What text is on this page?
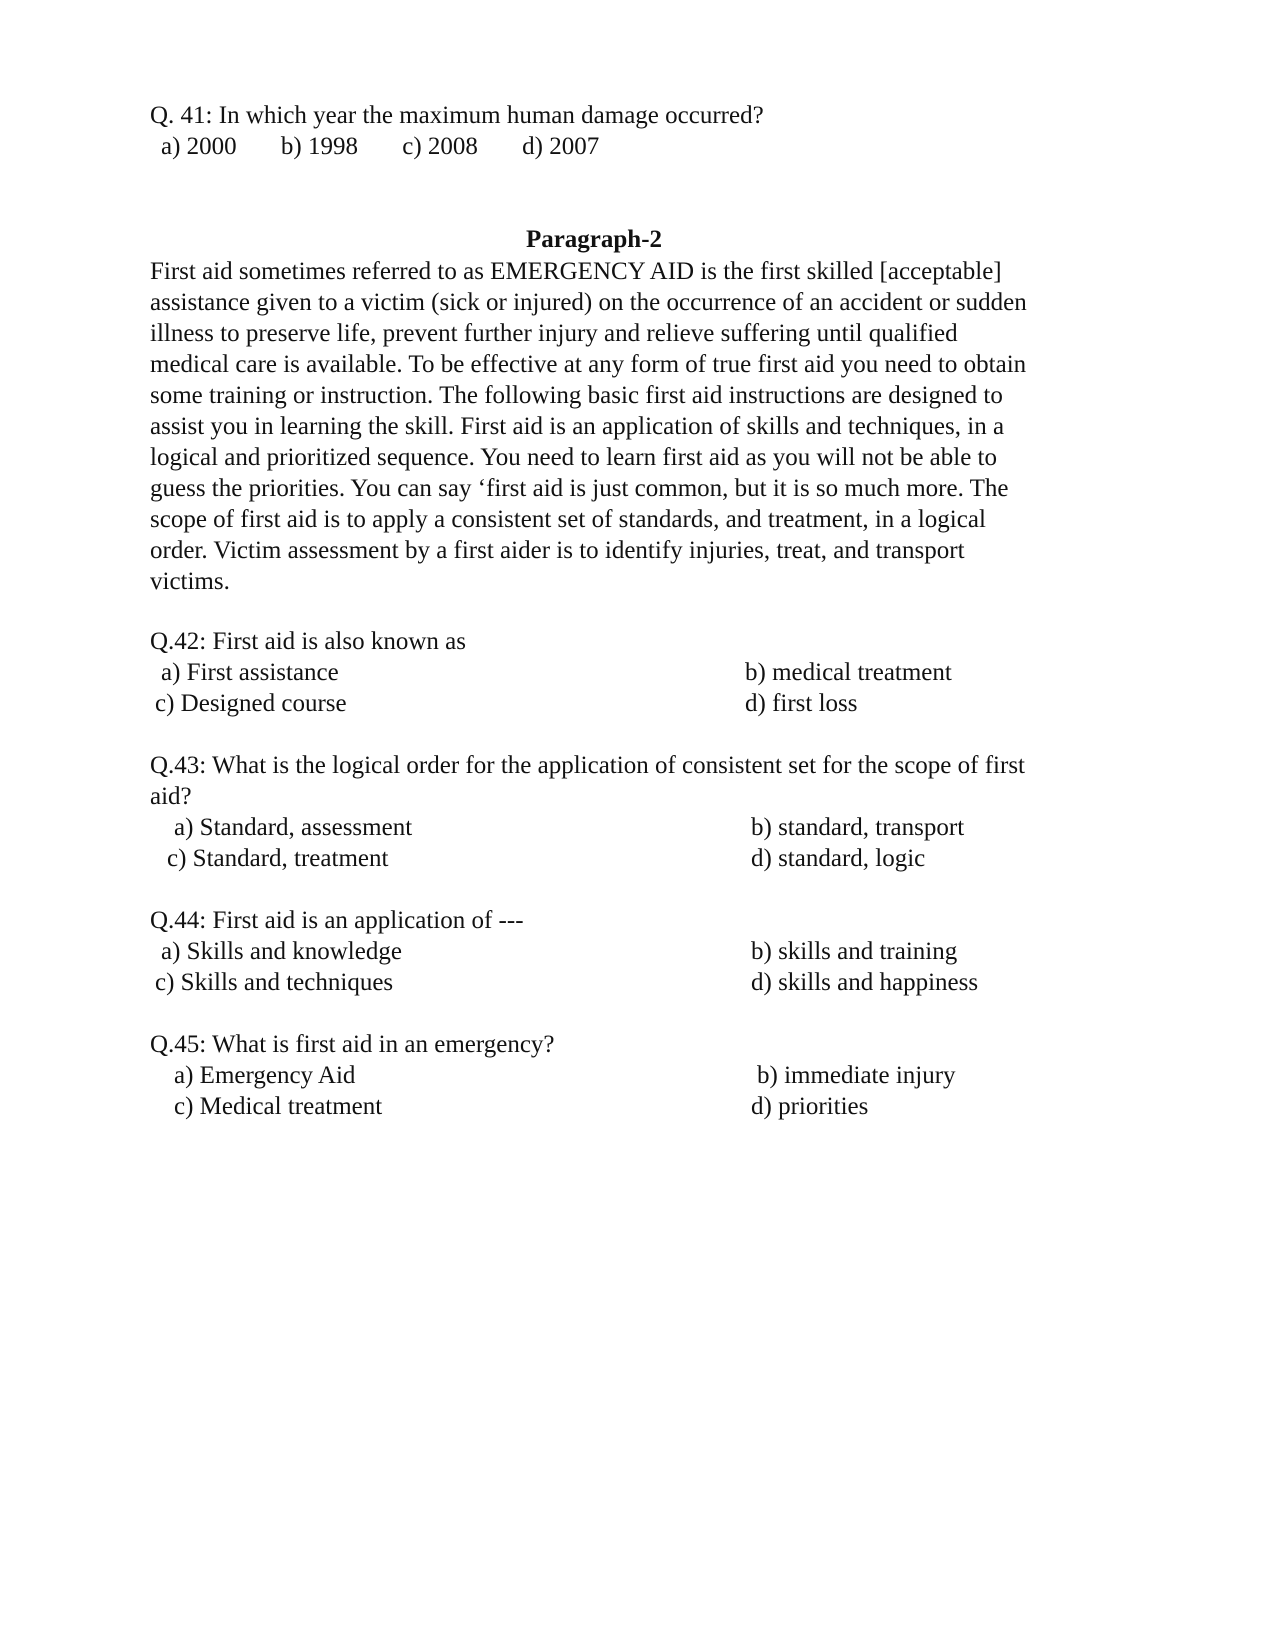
Q. 41: In which year the maximum human damage occurred?
a) 2000 b) 1998 c) 2008 d) 2007
Paragraph-2
First aid sometimes referred to as EMERGENCY AID is the first skilled [acceptable]
assistance given to a victim (sick or injured) on the occurrence of an accident or sudden
illness to preserve life, prevent further injury and relieve suffering until qualified
medical care is available. To be effective at any form of true first aid you need to obtain
some training or instruction. The following basic first aid instructions are designed to
assist you in learning the skill. First aid is an application of skills and techniques, in a
logical and prioritized sequence. You need to learn first aid as you will not be able to
guess the priorities. You can say ‘first aid is just common, but it is so much more. The
scope of first aid is to apply a consistent set of standards, and treatment, in a logical
order. Victim assessment by a first aider is to identify injuries, treat, and transport
victims.
Q.42: First aid is also known as
a) First assistance	b) medical treatment
c) Designed course	d) first loss
Q.43: What is the logical order for the application of consistent set for the scope of first
aid?
a) Standard, assessment	b) standard, transport
c) Standard, treatment	d) standard, logic
Q.44: First aid is an application of ---
a) Skills and knowledge	b) skills and training
c) Skills and techniques	d) skills and happiness
Q.45: What is first aid in an emergency?
a) Emergency Aid	b) immediate injury
c) Medical treatment	d) priorities
